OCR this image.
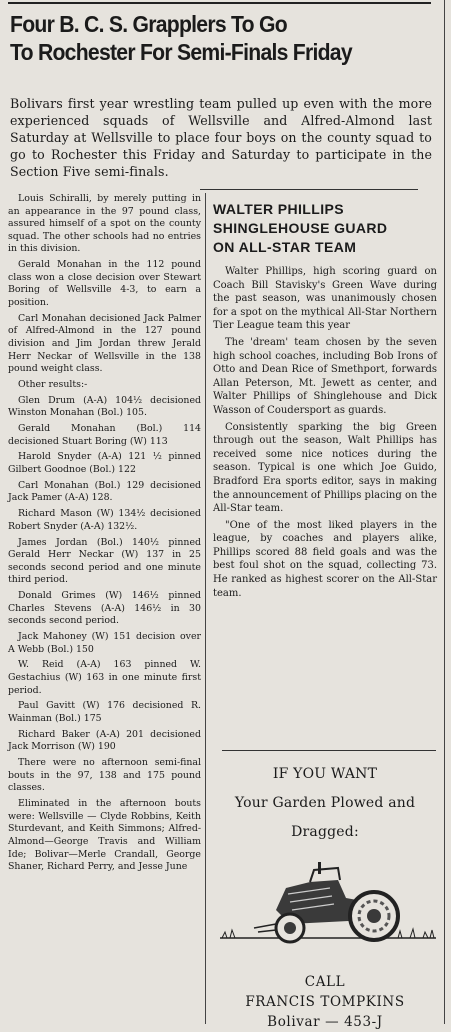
Four B. C. S. Grapplers To Go
To Rochester For Semi-Finals Friday
Bolivars first year wrestling team pulled up even with the more experienced squads of Wellsville and Alfred-Almond last Saturday at Wellsville to place four boys on the county squad to go to Rochester this Friday and Saturday to participate in the Section Five semi-finals.

Louis Schiralli, by merely putting in an appearance in the 97 pound class, assured himself of a spot on the county squad. The other schools had no entries in this division.

Gerald Monahan in the 112 pound class won a close decision over Stewart Boring of Wellsville 4-3, to earn a position.

Carl Monahan decisioned Jack Palmer of Alfred-Almond in the 127 pound division and Jim Jordan threw Jerald Herr Neckar of Wellsville in the 138 pound weight class.

Other results:-

Glen Drum (A-A) 104½ decisioned Winston Monahan (Bol.) 105.

Gerald Monahan (Bol.) 114 decisioned Stuart Boring (W) 113

Harold Snyder (A-A) 121 ½ pinned Gilbert Goodnoe (Bol.) 122

Carl Monahan (Bol.) 129 decisioned Jack Pamer (A-A) 128.

Richard Mason (W) 134½ decisioned Robert Snyder (A-A) 132½.

James Jordan (Bol.) 140½ pinned Gerald Herr Neckar (W) 137 in 25 seconds second period and one minute third period.

Donald Grimes (W) 146½ pinned Charles Stevens (A-A) 146½ in 30 seconds second period.

Jack Mahoney (W) 151 decision over A Webb (Bol.) 150

W. Reid (A-A) 163 pinned W. Gestachius (W) 163 in one minute first period.

Paul Gavitt (W) 176 decisioned R. Wainman (Bol.) 175

Richard Baker (A-A) 201 decisioned Jack Morrison (W) 190

There were no afternoon semi-final bouts in the 97, 138 and 175 pound classes.

Eliminated in the afternoon bouts were: Wellsville — Clyde Robbins, Keith Sturdevant, and Keith Simmons; Alfred-Almond—George Travis and William Ide; Bolivar—Merle Crandall, George Shaner, Richard Perry, and Jesse June

WALTER PHILLIPS
SHINGLEHOUSE GUARD
ON ALL-STAR TEAM

Walter Phillips, high scoring guard on Coach Bill Stavisky's Green Wave during the past season, was unanimously chosen for a spot on the mythical All-Star Northern Tier League team this year

The 'dream' team chosen by the seven high school coaches, including Bob Irons of Otto and Dean Rice of Smethport, forwards Allan Peterson, Mt. Jewett as center, and Walter Phillips of Shinglehouse and Dick Wasson of Coudersport as guards.

Consistently sparking the big Green through out the season, Walt Phillips has received some nice notices during the season. Typical is one which Joe Guido, Bradford Era sports editor, says in making the announcement of Phillips placing on the All-Star team.

"One of the most liked players in the league, by coaches and players alike, Phillips scored 88 field goals and was the best foul shot on the squad, collecting 73. He ranked as highest scorer on the All-Star team.

IF YOU WANT
Your Garden Plowed and
Dragged:
CALL
FRANCIS TOMPKINS
Bolivar — 453-J
